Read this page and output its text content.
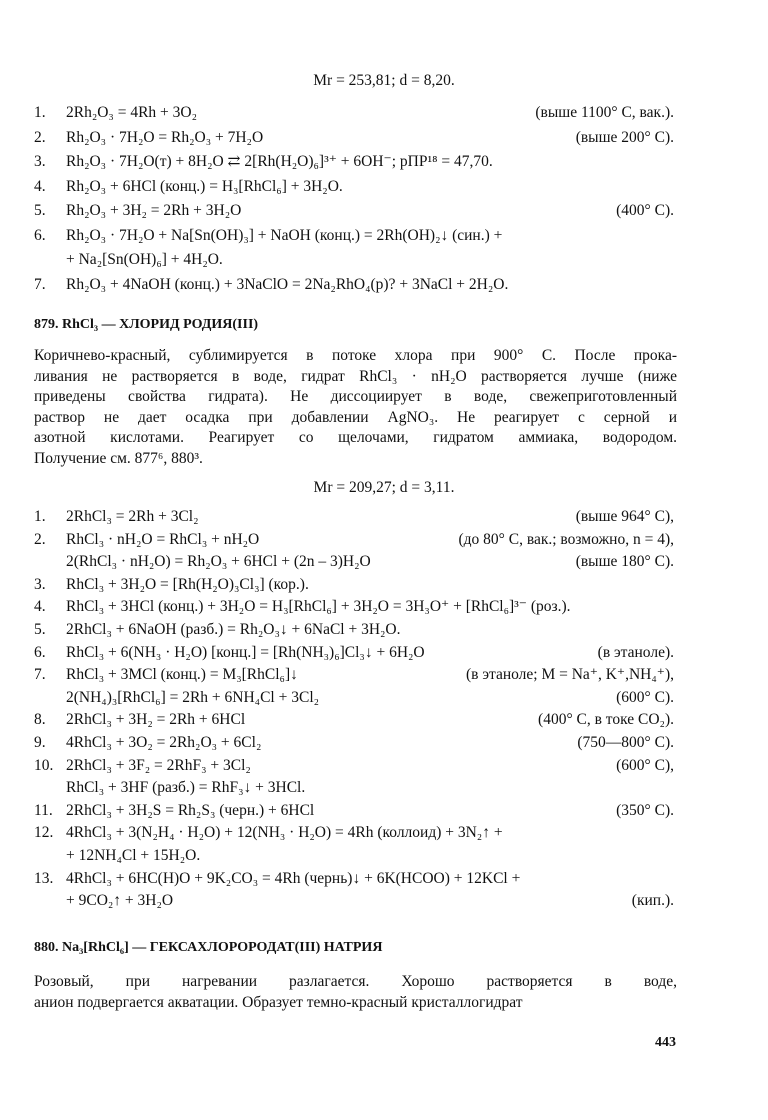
Mr = 253,81; d = 8,20.
1. 2Rh₂O₃ = 4Rh + 3O₂	(выше 1100° С, вак.).
2. Rh₂O₃ · 7H₂O = Rh₂O₃ + 7H₂O	(выше 200° С).
3. Rh₂O₃ · 7H₂O(т) + 8H₂O ⇄ 2[Rh(H₂O)₆]³⁺ + 6OH⁻; pПР¹⁸ = 47,70.
4. Rh₂O₃ + 6HCl (конц.) = H₃[RhCl₆] + 3H₂O.
5. Rh₂O₃ + 3H₂ = 2Rh + 3H₂O	(400° С).
6. Rh₂O₃ · 7H₂O + Na[Sn(OH)₃] + NaOH (конц.) = 2Rh(OH)₂↓ (син.) +
+ Na₂[Sn(OH)₆] + 4H₂O.
7. Rh₂O₃ + 4NaOH (конц.) + 3NaClO = 2Na₂RhO₄(р)? + 3NaCl + 2H₂O.
879. RhCl₃ — ХЛОРИД РОДИЯ(III)
Коричнево-красный, сублимируется в потоке хлора при 900° С. После прока-
ливания не растворяется в воде, гидрат RhCl₃ · nH₂O растворяется лучше (ниже
приведены свойства гидрата). Не диссоциирует в воде, свежеприготовленный
раствор не дает осадка при добавлении AgNO₃. Не реагирует с серной и
азотной кислотами. Реагирует со щелочами, гидратом аммиака, водородом.
Получение см. 877⁶, 880³.
Mr = 209,27; d = 3,11.
1. 2RhCl₃ = 2Rh + 3Cl₂	(выше 964° С),
2. RhCl₃ · nH₂O = RhCl₃ + nH₂O	(до 80° С, вак.; возможно, n = 4),
2(RhCl₃ · nH₂O) = Rh₂O₃ + 6HCl + (2n – 3)H₂O	(выше 180° С).
3. RhCl₃ + 3H₂O = [Rh(H₂O)₃Cl₃] (кор.).
4. RhCl₃ + 3HCl (конц.) + 3H₂O = H₃[RhCl₆] + 3H₂O = 3H₃O⁺ + [RhCl₆]³⁻ (роз.).
5. 2RhCl₃ + 6NaOH (разб.) = Rh₂O₃↓ + 6NaCl + 3H₂O.
6. RhCl₃ + 6(NH₃ · H₂O) [конц.] = [Rh(NH₃)₆]Cl₃↓ + 6H₂O	(в этаноле).
7. RhCl₃ + 3MCl (конц.) = M₃[RhCl₆]↓	(в этаноле; M = Na⁺, K⁺,NH₄⁺),
2(NH₄)₃[RhCl₆] = 2Rh + 6NH₄Cl + 3Cl₂	(600° С).
8. 2RhCl₃ + 3H₂ = 2Rh + 6HCl	(400° С, в токе CO₂).
9. 4RhCl₃ + 3O₂ = 2Rh₂O₃ + 6Cl₂	(750—800° С).
10. 2RhCl₃ + 3F₂ = 2RhF₃ + 3Cl₂	(600° С),
RhCl₃ + 3HF (разб.) = RhF₃↓ + 3HCl.
11. 2RhCl₃ + 3H₂S = Rh₂S₃ (черн.) + 6HCl	(350° С).
12. 4RhCl₃ + 3(N₂H₄ · H₂O) + 12(NH₃ · H₂O) = 4Rh (коллоид) + 3N₂↑ +
+ 12NH₄Cl + 15H₂O.
13. 4RhCl₃ + 6HC(H)O + 9K₂CO₃ = 4Rh (чернь)↓ + 6K(HCOO) + 12KCl +
+ 9CO₂↑ + 3H₂O	(кип.).
880. Na₃[RhCl₆] — ГЕКСАХЛОРОРОДАТ(III) НАТРИЯ
Розовый, при нагревании разлагается. Хорошо растворяется в воде,
анион подвергается акватации. Образует темно-красный кристаллогидрат
443
